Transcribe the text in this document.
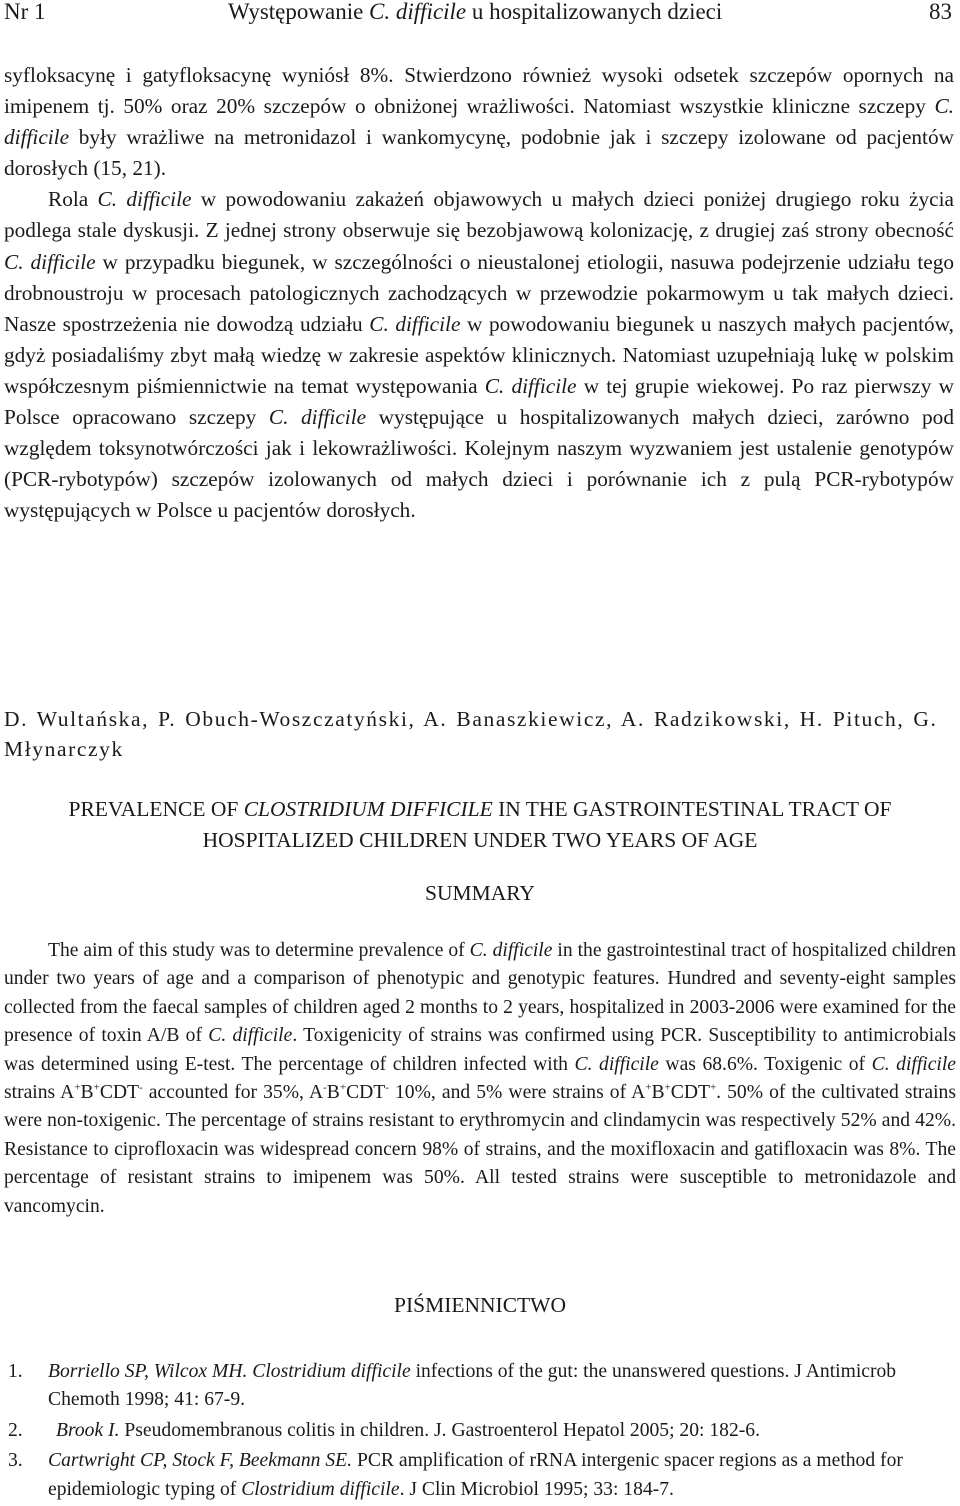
Nr 1	Występowanie C. difficile u hospitalizowanych dzieci	83

syfloksacynę i gatyfloksacynę wyniósł 8%. Stwierdzono również wysoki odsetek szczepów opornych na imipenem tj. 50% oraz 20% szczepów o obniżonej wrażliwości. Natomiast wszystkie kliniczne szczepy C. difficile były wrażliwe na metronidazol i wankomycynę, podobnie jak i szczepy izolowane od pacjentów dorosłych (15, 21).

Rola C. difficile w powodowaniu zakażeń objawowych u małych dzieci poniżej drugiego roku życia podlega stale dyskusji. Z jednej strony obserwuje się bezobjawową kolonizację, z drugiej zaś strony obecność C. difficile w przypadku biegunek, w szczególności o nieustalonej etiologii, nasuwa podejrzenie udziału tego drobnoustroju w procesach patologicznych zachodzących w przewodzie pokarmowym u tak małych dzieci. Nasze spostrzeżenia nie dowodzą udziału C. difficile w powodowaniu biegunek u naszych małych pacjentów, gdyż posiadaliśmy zbyt małą wiedzę w zakresie aspektów klinicznych. Natomiast uzupełniają lukę w polskim współczesnym piśmiennictwie na temat występowania C. difficile w tej grupie wiekowej. Po raz pierwszy w Polsce opracowano szczepy C. difficile występujące u hospitalizowanych małych dzieci, zarówno pod względem toksynotwórczości jak i lekowrażliwości. Kolejnym naszym wyzwaniem jest ustalenie genotypów (PCR-rybotypów) szczepów izolowanych od małych dzieci i porównanie ich z pulą PCR-rybotypów występujących w Polsce u pacjentów dorosłych.

D. Wultańska, P. Obuch-Woszczatyński, A. Banaszkiewicz, A. Radzikowski, H. Pituch, G. Młynarczyk
PREVALENCE OF CLOSTRIDIUM DIFFICILE IN THE GASTROINTESTINAL TRACT OF
HOSPITALIZED CHILDREN UNDER TWO YEARS OF AGE
SUMMARY

The aim of this study was to determine prevalence of C. difficile in the gastrointestinal tract of hospitalized children under two years of age and a comparison of phenotypic and genotypic features. Hundred and seventy-eight samples collected from the faecal samples of children aged 2 months to 2 years, hospitalized in 2003-2006 were examined for the presence of toxin A/B of C. difficile. Toxigenicity of strains was confirmed using PCR. Susceptibility to antimicrobials was determined using E-test. The percentage of children infected with C. difficile was 68.6%. Toxigenic of C. difficile strains A+B+CDT- accounted for 35%, A-B+CDT- 10%, and 5% were strains of A+B+CDT+. 50% of the cultivated strains were non-toxigenic. The percentage of strains resistant to erythromycin and clindamycin was respectively 52% and 42%. Resistance to ciprofloxacin was widespread concern 98% of strains, and the moxifloxacin and gatifloxacin was 8%. The percentage of resistant strains to imipenem was 50%. All tested strains were susceptible to metronidazole and vancomycin.

PIŚMIENNICTWO
1. Borriello SP, Wilcox MH. Clostridium difficile infections of the gut: the unanswered questions. J Antimicrob Chemoth 1998; 41: 67-9.
2. Brook I. Pseudomembranous colitis in children. J. Gastroenterol Hepatol 2005; 20: 182-6.
3. Cartwright CP, Stock F, Beekmann SE. PCR amplification of rRNA intergenic spacer regions as a method for epidemiologic typing of Clostridium difficile. J Clin Microbiol 1995; 33: 184-7.
